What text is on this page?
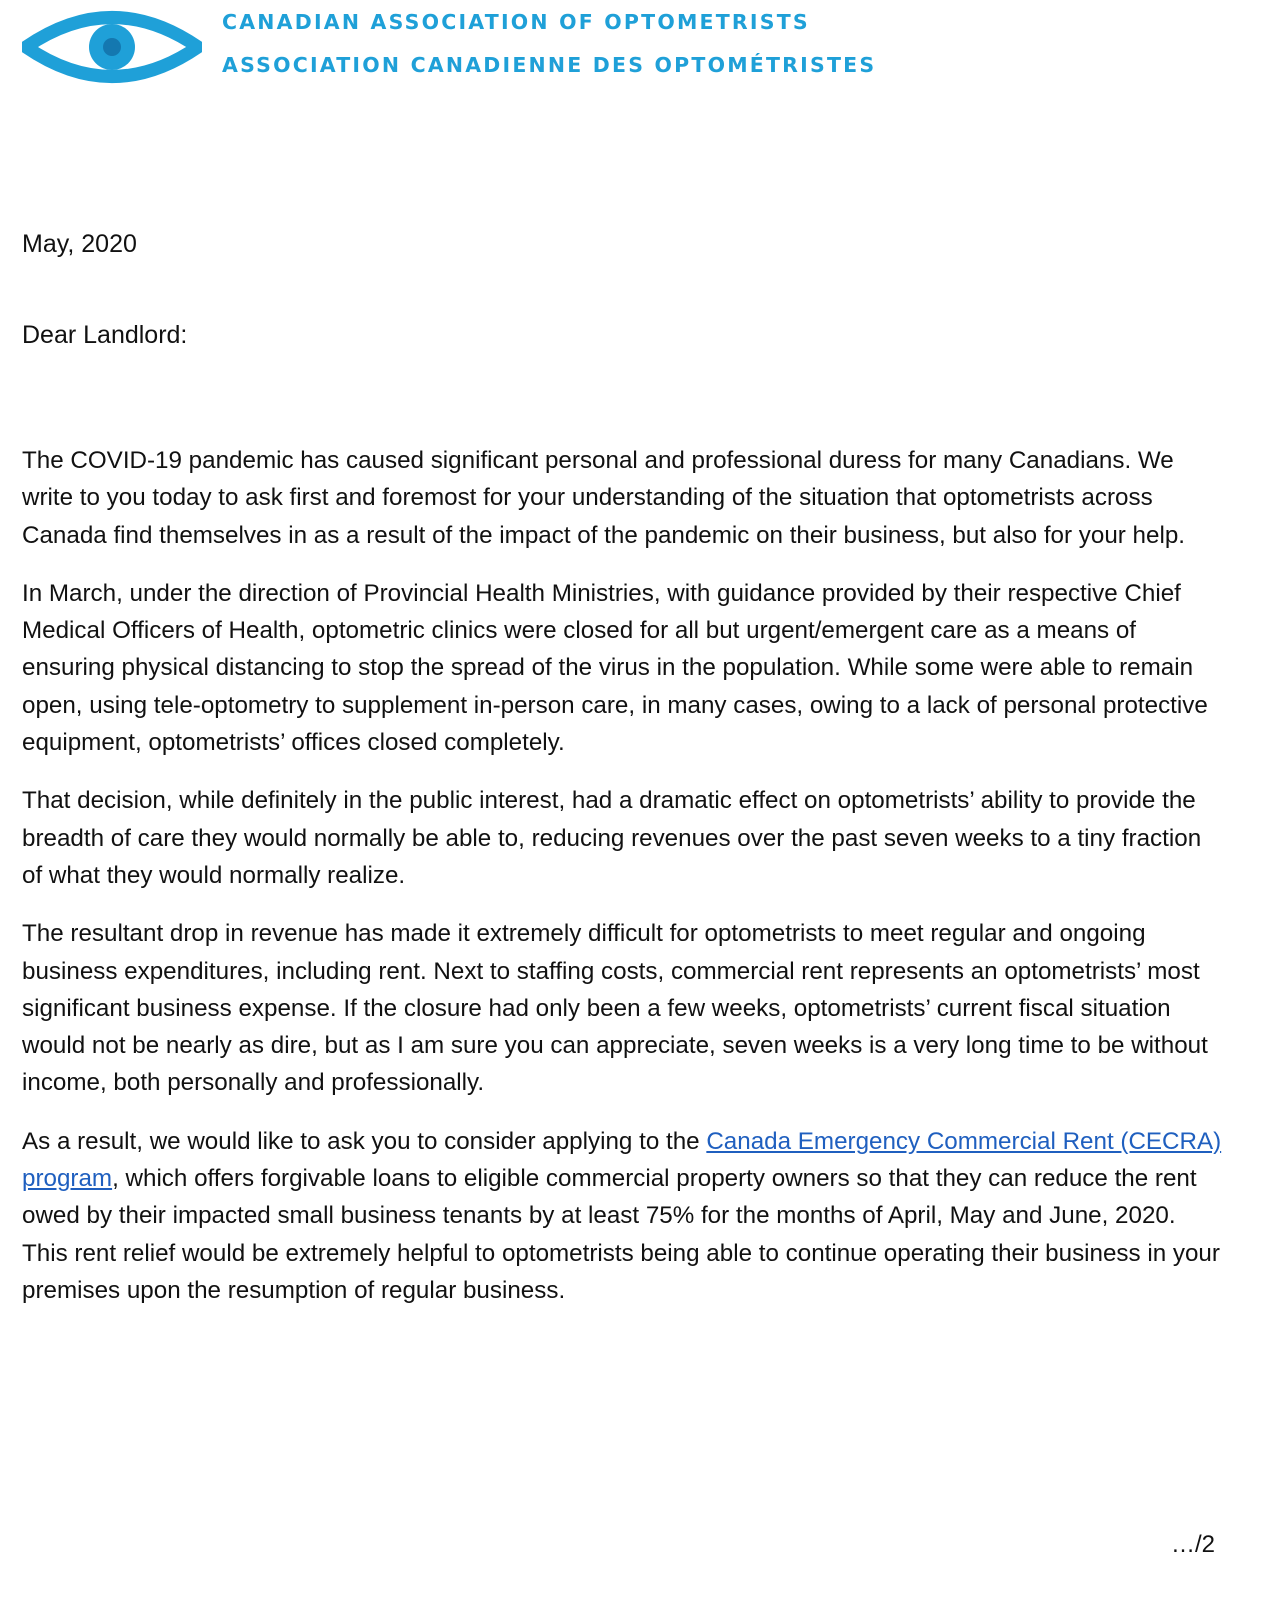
CANADIAN ASSOCIATION OF OPTOMETRISTS
ASSOCIATION CANADIENNE DES OPTOMÉTRISTES
May, 2020
Dear Landlord:

The COVID-19 pandemic has caused significant personal and professional duress for many Canadians. We write to you today to ask first and foremost for your understanding of the situation that optometrists across Canada find themselves in as a result of the impact of the pandemic on their business, but also for your help.

In March, under the direction of Provincial Health Ministries, with guidance provided by their respective Chief Medical Officers of Health, optometric clinics were closed for all but urgent/emergent care as a means of ensuring physical distancing to stop the spread of the virus in the population. While some were able to remain open, using tele-optometry to supplement in-person care, in many cases, owing to a lack of personal protective equipment, optometrists’ offices closed completely.

That decision, while definitely in the public interest, had a dramatic effect on optometrists’ ability to provide the breadth of care they would normally be able to, reducing revenues over the past seven weeks to a tiny fraction of what they would normally realize.

The resultant drop in revenue has made it extremely difficult for optometrists to meet regular and ongoing business expenditures, including rent. Next to staffing costs, commercial rent represents an optometrists’ most significant business expense. If the closure had only been a few weeks, optometrists’ current fiscal situation would not be nearly as dire, but as I am sure you can appreciate, seven weeks is a very long time to be without income, both personally and professionally.

As a result, we would like to ask you to consider applying to the Canada Emergency Commercial Rent (CECRA) program, which offers forgivable loans to eligible commercial property owners so that they can reduce the rent owed by their impacted small business tenants by at least 75% for the months of April, May and June, 2020. This rent relief would be extremely helpful to optometrists being able to continue operating their business in your premises upon the resumption of regular business.

…/2
